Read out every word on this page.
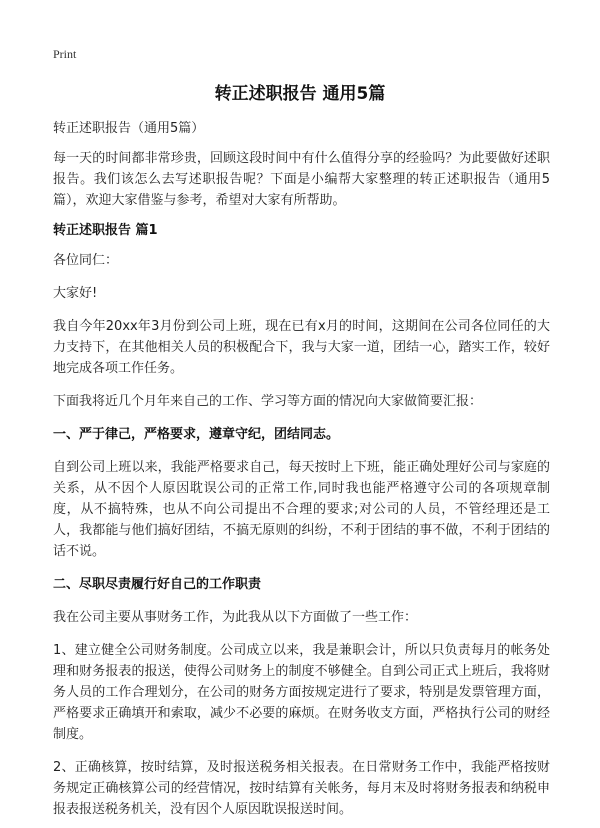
Print
转正述职报告 通用5篇

转正述职报告（通用5篇）

每一天的时间都非常珍贵，回顾这段时间中有什么值得分享的经验吗？为此要做好述职报告。我们该怎么去写述职报告呢？下面是小编帮大家整理的转正述职报告（通用5篇），欢迎大家借鉴与参考，希望对大家有所帮助。

转正述职报告 篇1

各位同仁：

大家好!

我自今年20xx年3月份到公司上班，现在已有x月的时间，这期间在公司各位同任的大力支持下，在其他相关人员的积极配合下，我与大家一道，团结一心，踏实工作，较好地完成各项工作任务。

下面我将近几个月年来自己的工作、学习等方面的情况向大家做简要汇报：

一、严于律己，严格要求，遵章守纪，团结同志。

自到公司上班以来，我能严格要求自己，每天按时上下班，能正确处理好公司与家庭的关系，从不因个人原因耽误公司的正常工作,同时我也能严格遵守公司的各项规章制度，从不搞特殊，也从不向公司提出不合理的要求;对公司的人员，不管经理还是工人，我都能与他们搞好团结，不搞无原则的纠纷，不利于团结的事不做，不利于团结的话不说。

二、尽职尽责履行好自己的工作职责

我在公司主要从事财务工作，为此我从以下方面做了一些工作：

1、建立健全公司财务制度。公司成立以来，我是兼职会计，所以只负责每月的帐务处理和财务报表的报送，使得公司财务上的制度不够健全。自到公司正式上班后，我将财务人员的工作合理划分，在公司的财务方面按规定进行了要求，特别是发票管理方面，严格要求正确填开和索取，减少不必要的麻烦。在财务收支方面，严格执行公司的财经制度。

2、正确核算，按时结算，及时报送税务相关报表。在日常财务工作中，我能严格按财务规定正确核算公司的经营情况，按时结算有关帐务，每月末及时将财务报表和纳税申报表报送税务机关，没有因个人原因耽误报送时间。
